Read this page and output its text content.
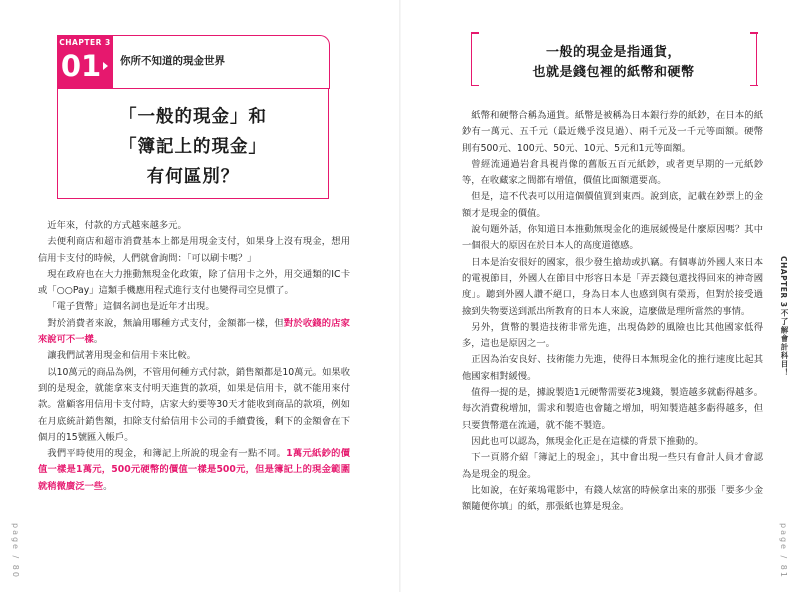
CHAPTER 3
01 你所不知道的現金世界
「一般的現金」和
「簿記上的現金」
有何區別？

近年來，付款的方式越來越多元。

去便利商店和超市消費基本上都是用現金支付，如果身上沒有現金，想用信用卡支付的時候，人們就會詢問：「可以刷卡嗎？」

現在政府也在大力推動無現金化政策，除了信用卡之外，用交通類的IC卡或「○○Pay」這類手機應用程式進行支付也變得司空見慣了。

「電子貨幣」這個名詞也是近年才出現。

對於消費者來說，無論用哪種方式支付，金額都一樣，但對於收錢的店家來說可不一樣。

讓我們試著用現金和信用卡來比較。

以10萬元的商品為例，不管用何種方式付款，銷售額都是10萬元。如果收到的是現金，就能拿來支付明天進貨的款項，如果是信用卡，就不能用來付款。當顧客用信用卡支付時，店家大約要等30天才能收到商品的款項，例如在月底統計銷售額，扣除支付給信用卡公司的手續費後，剩下的金額會在下個月的15號匯入帳戶。

我們平時使用的現金，和簿記上所說的現金有一點不同。1萬元紙鈔的價值一樣是1萬元，500元硬幣的價值一樣是500元，但是簿記上的現金範圍就稍微廣泛一些。

page / 80
一般的現金是指通貨，
也就是錢包裡的紙幣和硬幣

紙幣和硬幣合稱為通貨。紙幣是被稱為日本銀行券的紙鈔，在日本的紙鈔有一萬元、五千元（最近幾乎沒見過）、兩千元及一千元等面額。硬幣則有500元、100元、50元、10元、5元和1元等面額。

曾經流通過岩倉具視肖像的舊版五百元紙鈔，或者更早期的一元紙鈔等，在收藏家之間都有增值，價值比面額還要高。

但是，這不代表可以用這個價值買到東西。說到底，記載在鈔票上的金額才是現金的價值。

說句題外話，你知道日本推動無現金化的進展緩慢是什麼原因嗎？其中一個很大的原因在於日本人的高度道德感。

日本是治安很好的國家，很少發生搶劫或扒竊。有個專訪外國人來日本的電視節目，外國人在節目中形容日本是「弄丟錢包還找得回來的神奇國度」。聽到外國人讚不絕口，身為日本人也感到與有榮焉，但對於接受過撿到失物要送到派出所教育的日本人來說，這麼做是理所當然的事情。

另外，貨幣的製造技術非常先進，出現偽鈔的風險也比其他國家低得多，這也是原因之一。

正因為治安良好、技術能力先進，使得日本無現金化的推行速度比起其他國家相對緩慢。

值得一提的是，據說製造1元硬幣需要花3塊錢，製造越多就虧得越多。每次消費稅增加，需求和製造也會隨之增加，明知製造越多虧得越多，但只要貨幣還在流通，就不能不製造。

因此也可以認為，無現金化正是在這樣的背景下推動的。

下一頁將介紹「簿記上的現金」，其中會出現一些只有會計人員才會認為是現金的現金。

比如說，在好萊塢電影中，有錢人炫富的時候拿出來的那張「要多少金額隨便你填」的紙，那張紙也算是現金。

CHAPTER 3
不了解會計科目！
page / 81
